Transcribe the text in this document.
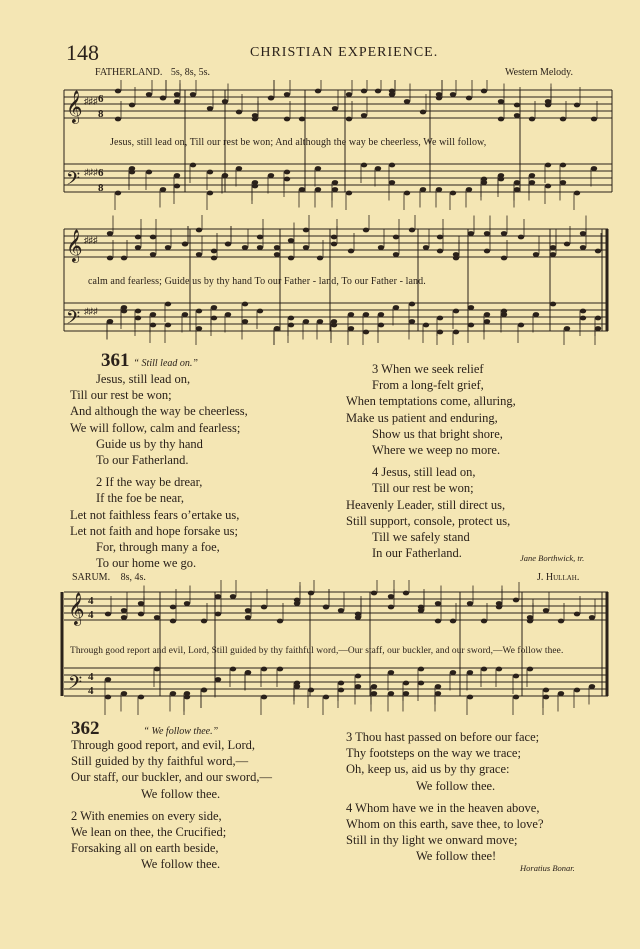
148	CHRISTIAN EXPERIENCE.
FATHERLAND. 5s, 8s, 5s.	Western Melody.
𝄞
𝄢
♯♯♯
♯♯♯
6
8
6
8
Jesus, still lead on, Till our rest be won; And although the way be cheerless, We will follow,
𝄞
𝄢
♯♯♯
♯♯♯
calm and fearless; Guide us by thy hand To our Father - land, To our Father - land.
361 “ Still lead on.”
Jesus, still lead on,
Till our rest be won;
And although the way be cheerless,
We will follow, calm and fearless;
Guide us by thy hand
To our Fatherland.
2 If the way be drear,
If the foe be near,
Let not faithless fears o’ertake us,
Let not faith and hope forsake us;
For, through many a foe,
To our home we go.
3 When we seek relief
From a long-felt grief,
When temptations come, alluring,
Make us patient and enduring,
Show us that bright shore,
Where we weep no more.
4 Jesus, still lead on,
Till our rest be won;
Heavenly Leader, still direct us,
Still support, console, protect us,
Till we safely stand
In our Fatherland.	Jane Borthwick, tr.
SARUM. 8s, 4s.	J. Hullah.
𝄞
𝄢
4
4
4
4
Through good report and evil, Lord, Still guided by thy faithful word,—Our staff, our buckler, and our sword,—We follow thee.
362	“ We follow thee.”
Through good report, and evil, Lord,
Still guided by thy faithful word,—
Our staff, our buckler, and our sword,—
We follow thee.
2 With enemies on every side,
We lean on thee, the Crucified;
Forsaking all on earth beside,
We follow thee.
3 Thou hast passed on before our face;
Thy footsteps on the way we trace;
Oh, keep us, aid us by thy grace:
We follow thee.
4 Whom have we in the heaven above,
Whom on this earth, save thee, to love?
Still in thy light we onward move;
We follow thee!
Horatius Bonar.
